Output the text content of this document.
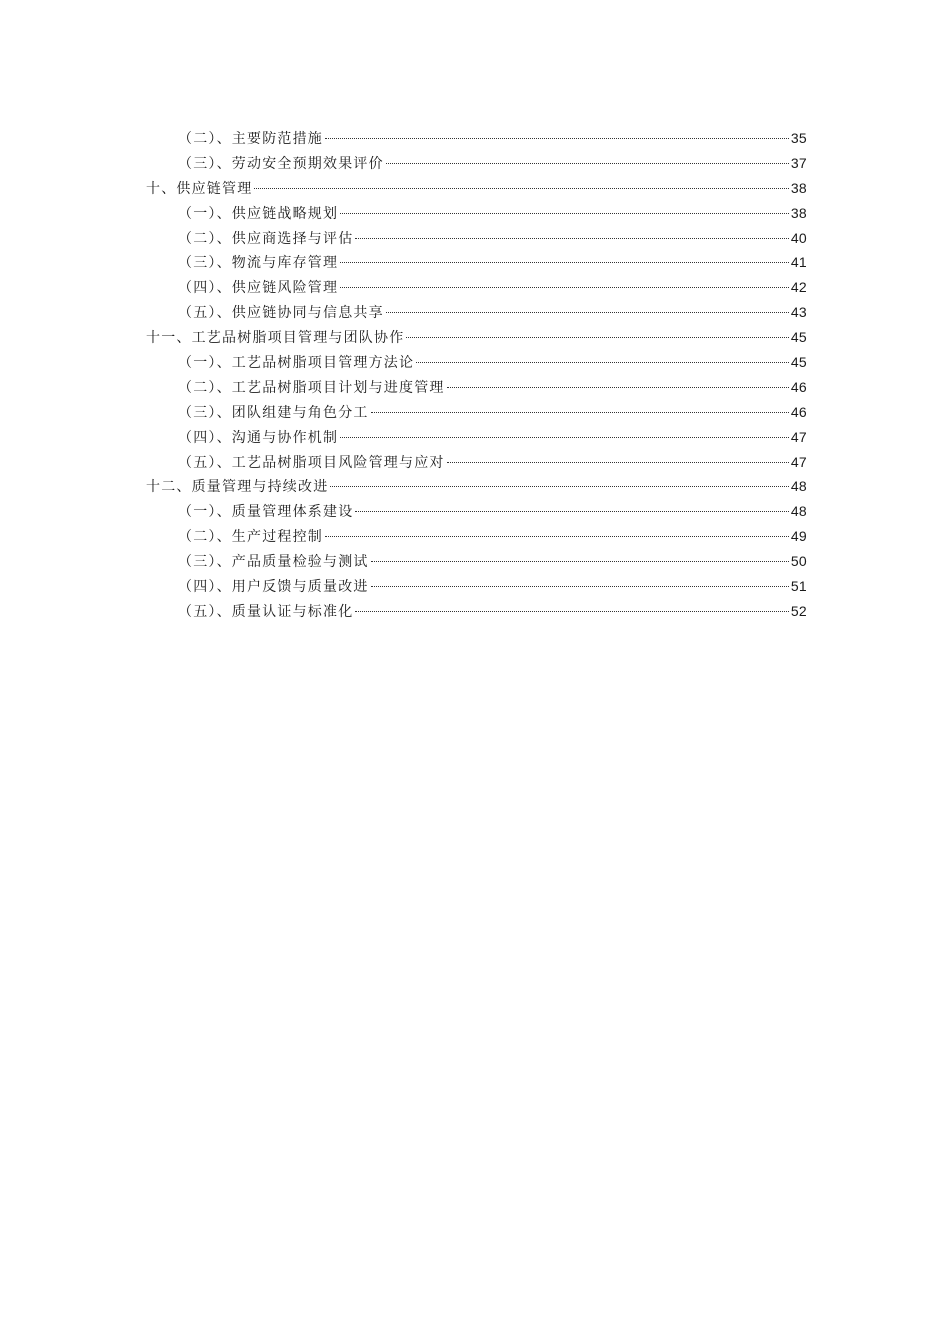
（二）、主要防范措施	35
（三）、劳动安全预期效果评价	37
十、供应链管理	38
（一）、供应链战略规划	38
（二）、供应商选择与评估	40
（三）、物流与库存管理	41
（四）、供应链风险管理	42
（五）、供应链协同与信息共享	43
十一、工艺品树脂项目管理与团队协作	45
（一）、工艺品树脂项目管理方法论	45
（二）、工艺品树脂项目计划与进度管理	46
（三）、团队组建与角色分工	46
（四）、沟通与协作机制	47
（五）、工艺品树脂项目风险管理与应对	47
十二、质量管理与持续改进	48
（一）、质量管理体系建设	48
（二）、生产过程控制	49
（三）、产品质量检验与测试	50
（四）、用户反馈与质量改进	51
（五）、质量认证与标准化	52
